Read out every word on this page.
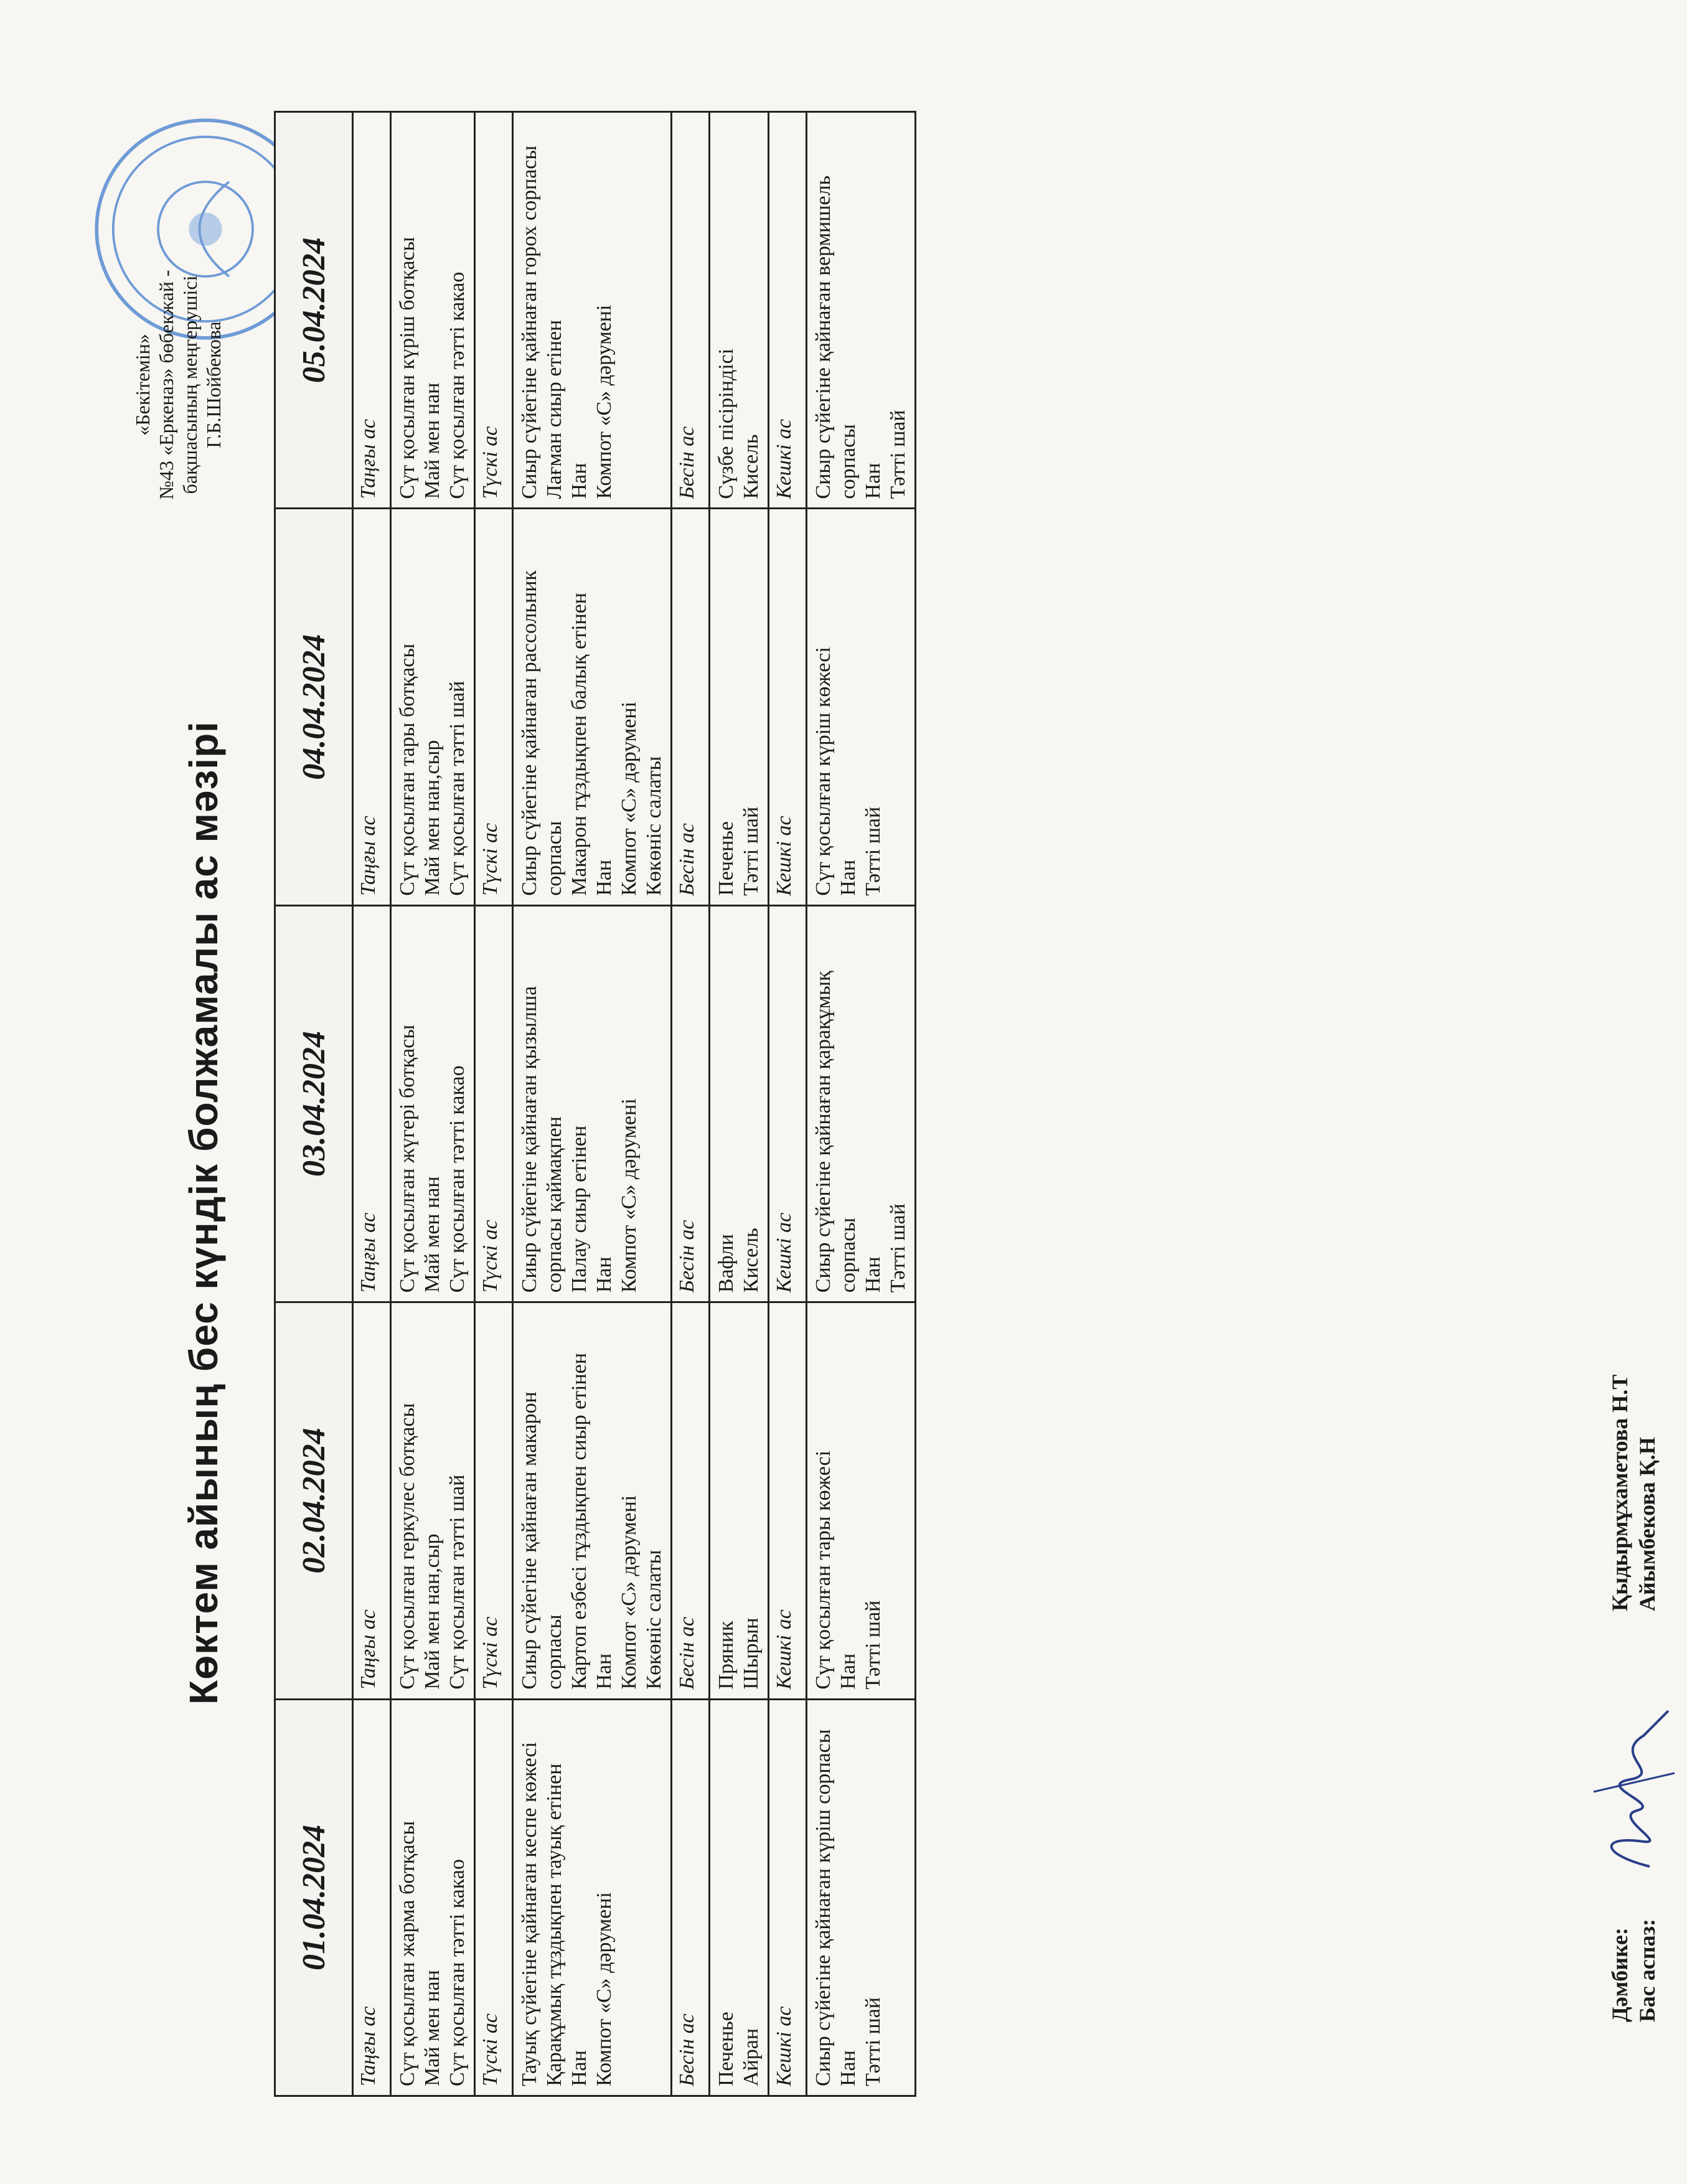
«Бекітемін» №43 «Еркеназ» бөбекжай - бақшасының меңгерушісі Г.Б.Шойбекова
Көктем айының бес күндік болжамалы ас мәзірі
01.04.2024	02.04.2024	03.04.2024	04.04.2024	05.04.2024
Таңғы ас	Таңғы ас	Таңғы ас	Таңғы ас	Таңғы ас

Сүт қосылған жарма ботқасы Май мен нан Сүт қосылған тәтті какао	Сүт қосылған геркулес ботқасы Май мен нан,сыр Сүт қосылған тәтті шай	Сүт қосылған жүгері ботқасы Май мен нан Сүт қосылған тәтті какао	Сүт қосылған тары ботқасы Май мен нан,сыр Сүт қосылған тәтті шай	Сүт қосылған күріш ботқасы Май мен нан Сүт қосылған тәтті какао

Түскі ас	Түскі ас	Түскі ас	Түскі ас	Түскі ас

Тауық сүйегіне қайнаған кеспе көжесі Қарақұмық тұздықпен тауық етінен Нан Компот «С» дәрумені	Сиыр сүйегіне қайнаған макарон сорпасы Картоп езбесі тұздықпен сиыр етінен Нан Компот «С» дәрумені Көкөніс салаты	Сиыр сүйегіне қайнаған қызылша сорпасы қаймақпен Палау сиыр етінен Нан Компот «С» дәрумені	Сиыр сүйегіне қайнаған рассольник сорпасы Макарон тұздықпен балық етінен Нан Компот «С» дәрумені Көкөніс салаты	Сиыр сүйегіне қайнаған горох сорпасы Лағман сиыр етінен Нан Компот «С» дәрумені

Бесін ас	Бесін ас	Бесін ас	Бесін ас	Бесін ас

Печенье Айран	Пряник Шырын	Вафли Кисель	Печенье Тәтті шай	Сүзбе пісіріндісі Кисель

Кешкі ас	Кешкі ас	Кешкі ас	Кешкі ас	Кешкі ас

Сиыр сүйегіне қайнаған күріш сорпасы Нан Тәтті шай	Сүт қосылған тары көжесі Нан Тәтті шай	Сиыр сүйегіне қайнаған қарақұмық сорпасы Нан Тәтті шай	Сүт қосылған күріш көжесі Нан Тәтті шай	Сиыр сүйегіне қайнаған вермишель сорпасы Нан Тәтті шай
Дәмбике:
Қыдырмұхаметова Н.Т
Бас аспаз:
Айымбекова Қ.Н
